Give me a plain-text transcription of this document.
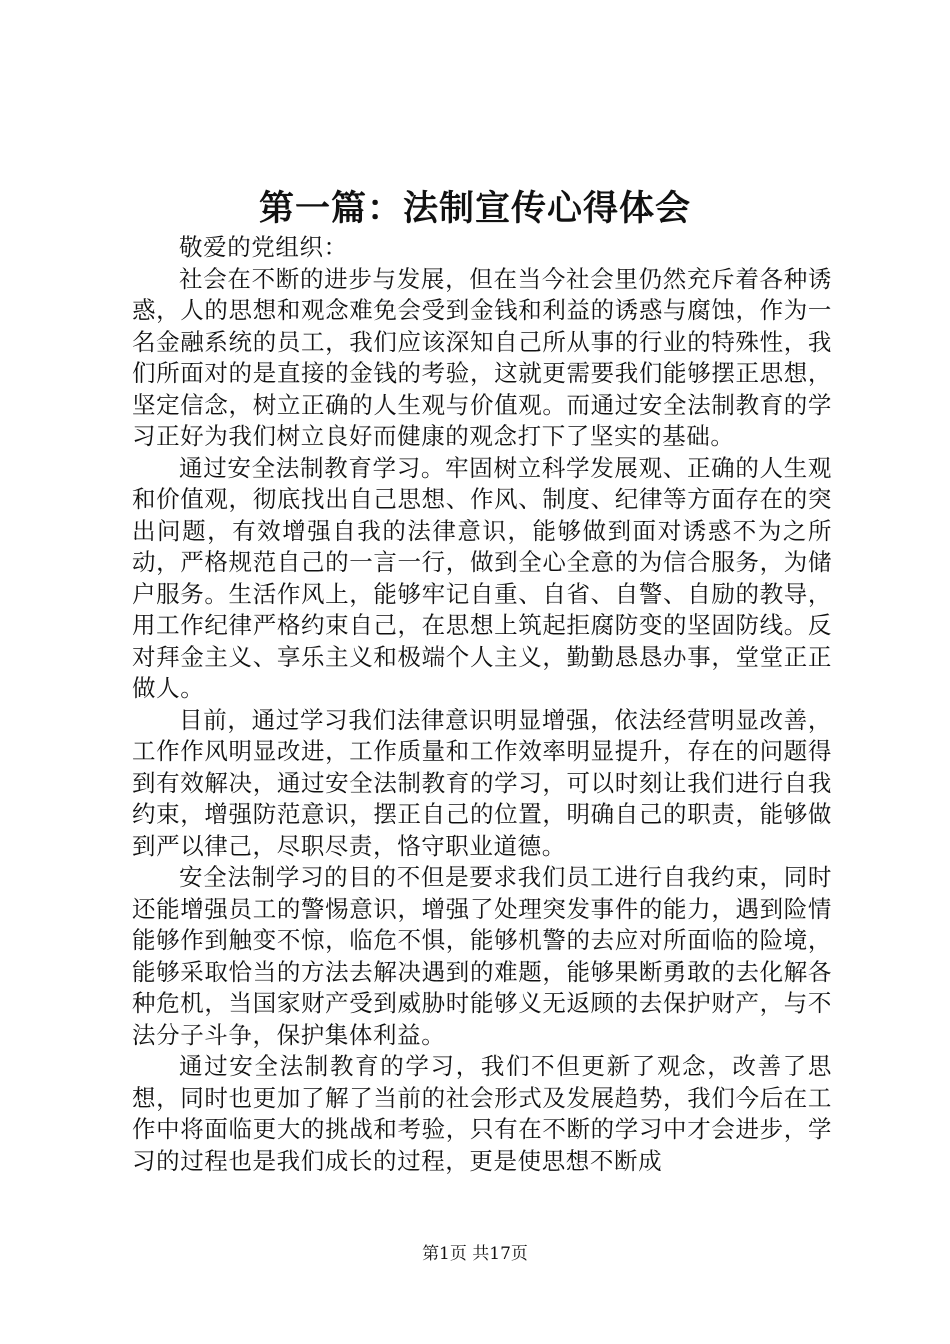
第一篇：法制宣传心得体会

敬爱的党组织：

社会在不断的进步与发展，但在当今社会里仍然充斥着各种诱惑，人的思想和观念难免会受到金钱和利益的诱惑与腐蚀，作为一名金融系统的员工，我们应该深知自己所从事的行业的特殊性，我们所面对的是直接的金钱的考验，这就更需要我们能够摆正思想，坚定信念，树立正确的人生观与价值观。而通过安全法制教育的学习正好为我们树立良好而健康的观念打下了坚实的基础。

通过安全法制教育学习。牢固树立科学发展观、正确的人生观和价值观，彻底找出自己思想、作风、制度、纪律等方面存在的突出问题，有效增强自我的法律意识，能够做到面对诱惑不为之所动，严格规范自己的一言一行，做到全心全意的为信合服务，为储户服务。生活作风上，能够牢记自重、自省、自警、自励的教导，用工作纪律严格约束自己，在思想上筑起拒腐防变的坚固防线。反对拜金主义、享乐主义和极端个人主义，勤勤恳恳办事，堂堂正正做人。

目前，通过学习我们法律意识明显增强，依法经营明显改善，工作作风明显改进，工作质量和工作效率明显提升，存在的问题得到有效解决，通过安全法制教育的学习，可以时刻让我们进行自我约束，增强防范意识，摆正自己的位置，明确自己的职责，能够做到严以律己，尽职尽责，恪守职业道德。

安全法制学习的目的不但是要求我们员工进行自我约束，同时还能增强员工的警惕意识，增强了处理突发事件的能力，遇到险情能够作到触变不惊，临危不惧，能够机警的去应对所面临的险境，能够采取恰当的方法去解决遇到的难题，能够果断勇敢的去化解各种危机，当国家财产受到威胁时能够义无返顾的去保护财产，与不法分子斗争，保护集体利益。

通过安全法制教育的学习，我们不但更新了观念，改善了思想，同时也更加了解了当前的社会形式及发展趋势，我们今后在工作中将面临更大的挑战和考验，只有在不断的学习中才会进步，学习的过程也是我们成长的过程，更是使思想不断成

第1页 共17页
